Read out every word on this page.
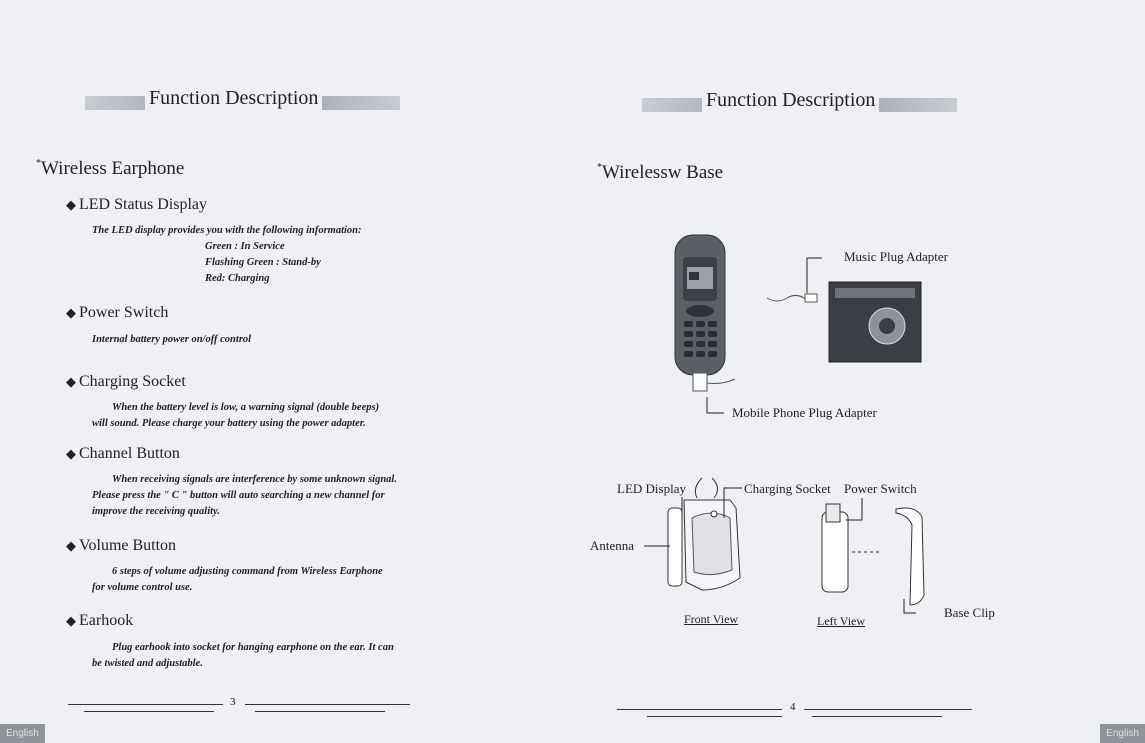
Function Description
*Wireless Earphone
◆ LED Status Display
The LED display provides you with the following information:
Green : In Service
Flashing Green : Stand-by
Red: Charging
◆ Power Switch
Internal battery power on/off control
◆ Charging Socket
When the battery level is low, a warning signal (double beeps)
will sound. Please charge your battery using the power adapter.
◆ Channel Button
When receiving signals are interference by some unknown signal.
Please press the " C " button will auto searching a new channel for
improve the receiving quality.
◆ Volume Button
6 steps of volume adjusting command from Wireless Earphone
for volume control use.
◆ Earhook
Plug earhook into socket for hanging earphone on the ear. It can
be twisted and adjustable.
3
English
Function Description
*Wirelessw Base
Music Plug Adapter
Mobile Phone Plug Adapter
LED Display	Charging Socket Power Switch
Antenna
Base Clip
Front View	Left View
4
English
